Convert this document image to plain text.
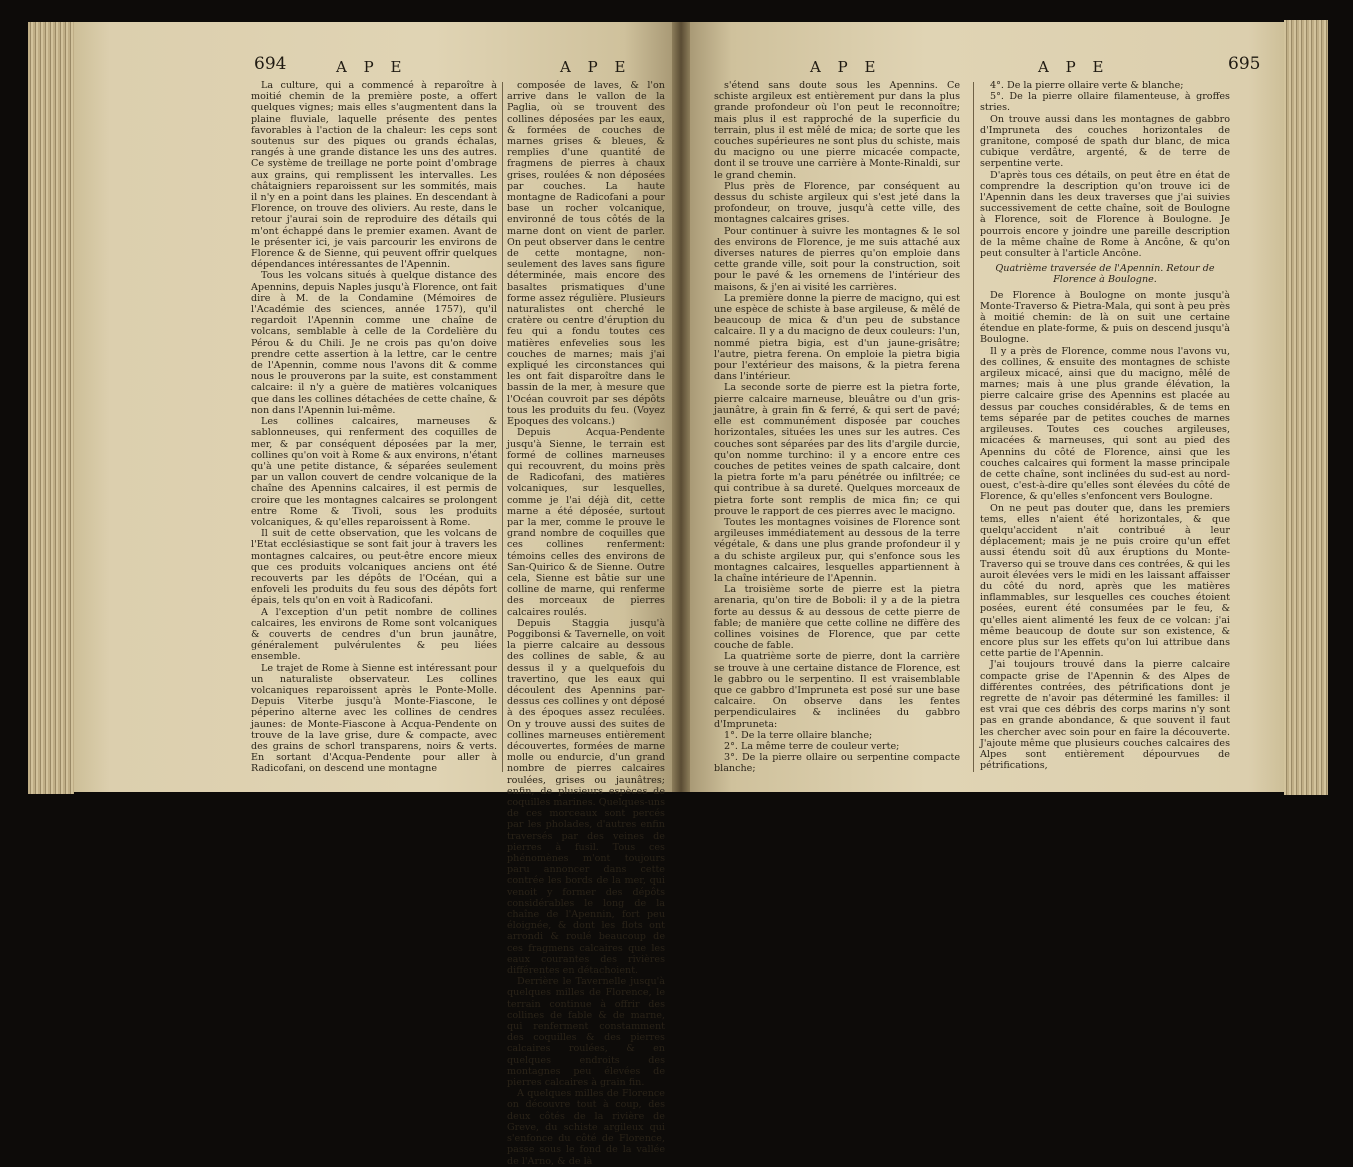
694	A P E	A P E

La culture, qui a commencé à reparoître à moitié chemin de la première poste, a offert quelques vignes; mais elles s'augmentent dans la plaine fluviale, laquelle présente des pentes favorables à l'action de la chaleur: les ceps sont soutenus sur des piques ou grands échalas, rangés à une grande distance les uns des autres. Ce système de treillage ne porte point d'ombrage aux grains, qui remplissent les intervalles. Les châtaigniers reparoissent sur les sommités, mais il n'y en a point dans les plaines. En descendant à Florence, on trouve des oliviers. Au reste, dans le retour j'aurai soin de reproduire des détails qui m'ont échappé dans le premier examen. Avant de le présenter ici, je vais parcourir les environs de Florence & de Sienne, qui peuvent offrir quelques dépendances intéressantes de l'Apennin.

Tous les volcans situés à quelque distance des Apennins, depuis Naples jusqu'à Florence, ont fait dire à M. de la Condamine (Mémoires de l'Académie des sciences, année 1757), qu'il regardoit l'Apennin comme une chaîne de volcans, semblable à celle de la Cordelière du Pérou & du Chili. Je ne crois pas qu'on doive prendre cette assertion à la lettre, car le centre de l'Apennin, comme nous l'avons dit & comme nous le prouverons par la suite, est constamment calcaire: il n'y a guère de matières volcaniques que dans les collines détachées de cette chaîne, & non dans l'Apennin lui-même.

Les collines calcaires, marneuses & sablonneuses, qui renferment des coquilles de mer, & par conséquent déposées par la mer, collines qu'on voit à Rome & aux environs, n'étant qu'à une petite distance, & séparées seulement par un vallon couvert de cendre volcanique de la chaîne des Apennins calcaires, il est permis de croire que les montagnes calcaires se prolongent entre Rome & Tivoli, sous les produits volcaniques, & qu'elles reparoissent à Rome.

Il suit de cette observation, que les volcans de l'Etat ecclésiastique se sont fait jour à travers les montagnes calcaires, ou peut-être encore mieux que ces produits volcaniques anciens ont été recouverts par les dépôts de l'Océan, qui a enfoveli les produits du feu sous des dépôts fort épais, tels qu'on en voit à Radicofani.

A l'exception d'un petit nombre de collines calcaires, les environs de Rome sont volcaniques & couverts de cendres d'un brun jaunâtre, généralement pulvérulentes & peu liées ensemble.

Le trajet de Rome à Sienne est intéressant pour un naturaliste observateur. Les collines volcaniques reparoissent après le Ponte-Molle. Depuis Viterbe jusqu'à Monte-Fiascone, le péperino alterne avec les collines de cendres jaunes: de Monte-Fiascone à Acqua-Pendente on trouve de la lave grise, dure & compacte, avec des grains de schorl transparens, noirs & verts. En sortant d'Acqua-Pendente pour aller à Radicofani, on descend une montagne

composée de laves, & l'on arrive dans le vallon de la Paglia, où se trouvent des collines déposées par les eaux, & formées de couches de marnes grises & bleues, & remplies d'une quantité de fragmens de pierres à chaux grises, roulées & non déposées par couches. La haute montagne de Radicofani a pour base un rocher volcanique, environné de tous côtés de la marne dont on vient de parler. On peut observer dans le centre de cette montagne, non-seulement des laves sans figure déterminée, mais encore des basaltes prismatiques d'une forme assez régulière. Plusieurs naturalistes ont cherché le cratère ou centre d'éruption du feu qui a fondu toutes ces matières enfevelies sous les couches de marnes; mais j'ai expliqué les circonstances qui les ont fait disparoître dans le bassin de la mer, à mesure que l'Océan couvroit par ses dépôts tous les produits du feu. (Voyez Epoques des volcans.)

Depuis Acqua-Pendente jusqu'à Sienne, le terrain est formé de collines marneuses qui recouvrent, du moins près de Radicofani, des matières volcaniques, sur lesquelles, comme je l'ai déjà dit, cette marne a été déposée, surtout par la mer, comme le prouve le grand nombre de coquilles que ces collines renferment: témoins celles des environs de San-Quirico & de Sienne. Outre cela, Sienne est bâtie sur une colline de marne, qui renferme des morceaux de pierres calcaires roulés.

Depuis Staggia jusqu'à Poggibonsi & Tavernelle, on voit la pierre calcaire au dessous des collines de sable, & au dessus il y a quelquefois du travertino, que les eaux qui découlent des Apennins par-dessus ces collines y ont déposé à des époques assez reculées. On y trouve aussi des suites de collines marneuses entièrement découvertes, formées de marne molle ou endurcie, d'un grand nombre de pierres calcaires roulées, grises ou jaunâtres; enfin, de plusieurs espèces de coquilles marines. Quelques-uns de ces morceaux sont percés par les pholades, d'autres enfin traversés par des veines de pierres à fusil. Tous ces phénomènes m'ont toujours paru annoncer dans cette contrée les bords de la mer, qui venoit y former des dépôts considérables le long de la chaîne de l'Apennin, fort peu éloignée, & dont les flots ont arrondi & roulé beaucoup de ces fragmens calcaires que les eaux courantes des rivières différentes en détachoient.

Derrière le Tavernelle jusqu'à quelques milles de Florence, le terrain continue à offrir des collines de fable & de marne, qui renferment constamment des coquilles & des pierres calcaires roulées, & en quelques endroits des montagnes peu élevées de pierres calcaires à grain fin.

A quelques milles de Florence on découvre tout à coup, des deux côtés de la rivière de Greve, du schiste argileux qui s'enfonce du côté de Florence, passe sous le fond de la vallée de l'Arno, & de là

A P E	A P E	695

s'étend sans doute sous les Apennins. Ce schiste argileux est entièrement pur dans la plus grande profondeur où l'on peut le reconnoître; mais plus il est rapproché de la superficie du terrain, plus il est mêlé de mica; de sorte que les couches supérieures ne sont plus du schiste, mais du macigno ou une pierre micacée compacte, dont il se trouve une carrière à Monte-Rinaldi, sur le grand chemin.

Plus près de Florence, par conséquent au dessus du schiste argileux qui s'est jeté dans la profondeur, on trouve, jusqu'à cette ville, des montagnes calcaires grises.

Pour continuer à suivre les montagnes & le sol des environs de Florence, je me suis attaché aux diverses natures de pierres qu'on emploie dans cette grande ville, soit pour la construction, soit pour le pavé & les ornemens de l'intérieur des maisons, & j'en ai visité les carrières.

La première donne la pierre de macigno, qui est une espèce de schiste à base argileuse, & mêlé de beaucoup de mica & d'un peu de substance calcaire. Il y a du macigno de deux couleurs: l'un, nommé pietra bigia, est d'un jaune-grisâtre; l'autre, pietra ferena. On emploie la pietra bigia pour l'extérieur des maisons, & la pietra ferena dans l'intérieur.

La seconde sorte de pierre est la pietra forte, pierre calcaire marneuse, bleuâtre ou d'un gris-jaunâtre, à grain fin & ferré, & qui sert de pavé; elle est communément disposée par couches horizontales, situées les unes sur les autres. Ces couches sont séparées par des lits d'argile durcie, qu'on nomme turchino: il y a encore entre ces couches de petites veines de spath calcaire, dont la pietra forte m'a paru pénétrée ou infiltrée; ce qui contribue à sa dureté. Quelques morceaux de pietra forte sont remplis de mica fin; ce qui prouve le rapport de ces pierres avec le macigno.

Toutes les montagnes voisines de Florence sont argileuses immédiatement au dessous de la terre végétale, & dans une plus grande profondeur il y a du schiste argileux pur, qui s'enfonce sous les montagnes calcaires, lesquelles appartiennent à la chaîne intérieure de l'Apennin.

La troisième sorte de pierre est la pietra arenaria, qu'on tire de Boboli: il y a de la pietra forte au dessus & au dessous de cette pierre de fable; de manière que cette colline ne diffère des collines voisines de Florence, que par cette couche de fable.

La quatrième sorte de pierre, dont la carrière se trouve à une certaine distance de Florence, est le gabbro ou le serpentino. Il est vraisemblable que ce gabbro d'Impruneta est posé sur une base calcaire. On observe dans les fentes perpendiculaires & inclinées du gabbro d'Impruneta:

1°. De la terre ollaire blanche;

2°. La même terre de couleur verte;

3°. De la pierre ollaire ou serpentine compacte blanche;

4°. De la pierre ollaire verte & blanche;

5°. De la pierre ollaire filamenteuse, à groffes stries.

On trouve aussi dans les montagnes de gabbro d'Impruneta des couches horizontales de granitone, composé de spath dur blanc, de mica cubique verdâtre, argenté, & de terre de serpentine verte.

D'après tous ces détails, on peut être en état de comprendre la description qu'on trouve ici de l'Apennin dans les deux traverses que j'ai suivies successivement de cette chaîne, soit de Boulogne à Florence, soit de Florence à Boulogne. Je pourrois encore y joindre une pareille description de la même chaîne de Rome à Ancône, & qu'on peut consulter à l'article Ancône.

Quatrième traversée de l'Apennin. Retour de Florence à Boulogne.

De Florence à Boulogne on monte jusqu'à Monte-Traverso & Pietra-Mala, qui sont à peu près à moitié chemin: de là on suit une certaine étendue en plate-forme, & puis on descend jusqu'à Boulogne.

Il y a près de Florence, comme nous l'avons vu, des collines, & ensuite des montagnes de schiste argileux micacé, ainsi que du macigno, mêlé de marnes; mais à une plus grande élévation, la pierre calcaire grise des Apennins est placée au dessus par couches considérables, & de tems en tems séparée par de petites couches de marnes argileuses. Toutes ces couches argileuses, micacées & marneuses, qui sont au pied des Apennins du côté de Florence, ainsi que les couches calcaires qui forment la masse principale de cette chaîne, sont inclinées du sud-est au nord-ouest, c'est-à-dire qu'elles sont élevées du côté de Florence, & qu'elles s'enfoncent vers Boulogne.

On ne peut pas douter que, dans les premiers tems, elles n'aient été horizontales, & que quelqu'accident n'ait contribué à leur déplacement; mais je ne puis croire qu'un effet aussi étendu soit dû aux éruptions du Monte-Traverso qui se trouve dans ces contrées, & qui les auroit élevées vers le midi en les laissant affaisser du côté du nord, après que les matières inflammables, sur lesquelles ces couches étoient posées, eurent été consumées par le feu, & qu'elles aient alimenté les feux de ce volcan: j'ai même beaucoup de doute sur son existence, & encore plus sur les effets qu'on lui attribue dans cette partie de l'Apennin.

J'ai toujours trouvé dans la pierre calcaire compacte grise de l'Apennin & des Alpes de différentes contrées, des pétrifications dont je regrette de n'avoir pas déterminé les familles: il est vrai que ces débris des corps marins n'y sont pas en grande abondance, & que souvent il faut les chercher avec soin pour en faire la découverte. J'ajoute même que plusieurs couches calcaires des Alpes sont entièrement dépourvues de pétrifications,
